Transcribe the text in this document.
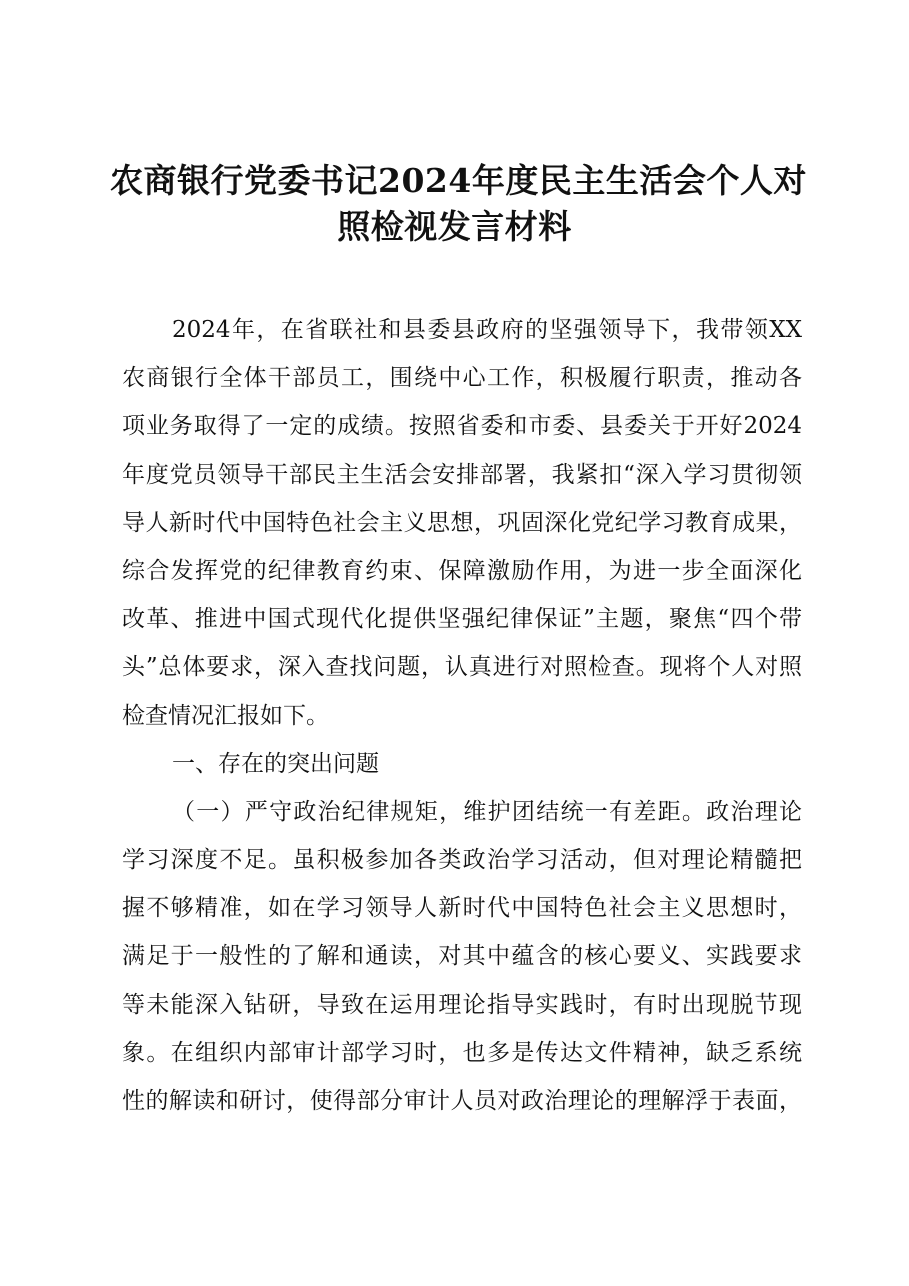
农商银行党委书记2024年度民主生活会个人对
照检视发言材料
2024年，在省联社和县委县政府的坚强领导下，我带领XX
农商银行全体干部员工，围绕中心工作，积极履行职责，推动各
项业务取得了一定的成绩。按照省委和市委、县委关于开好2024
年度党员领导干部民主生活会安排部署，我紧扣“深入学习贯彻领
导人新时代中国特色社会主义思想，巩固深化党纪学习教育成果，
综合发挥党的纪律教育约束、保障激励作用，为进一步全面深化
改革、推进中国式现代化提供坚强纪律保证”主题，聚焦“四个带
头”总体要求，深入查找问题，认真进行对照检查。现将个人对照
检查情况汇报如下。
一、存在的突出问题
（一）严守政治纪律规矩，维护团结统一有差距。政治理论
学习深度不足。虽积极参加各类政治学习活动，但对理论精髓把
握不够精准，如在学习领导人新时代中国特色社会主义思想时，
满足于一般性的了解和通读，对其中蕴含的核心要义、实践要求
等未能深入钻研，导致在运用理论指导实践时，有时出现脱节现
象。在组织内部审计部学习时，也多是传达文件精神，缺乏系统
性的解读和研讨，使得部分审计人员对政治理论的理解浮于表面，
